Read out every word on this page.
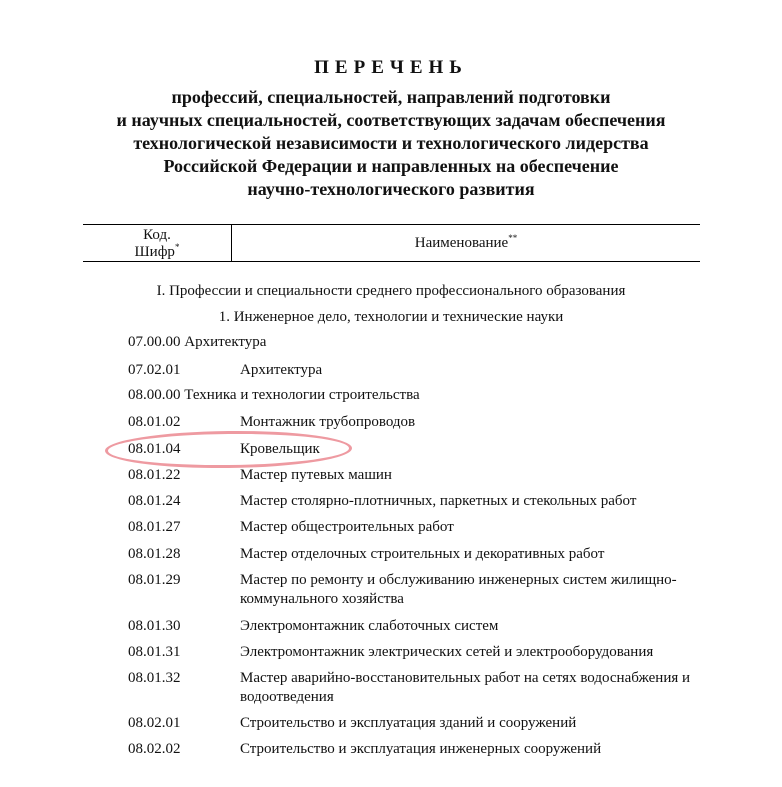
ПЕРЕЧЕНЬ
профессий, специальностей, направлений подготовки
и научных специальностей, соответствующих задачам обеспечения
технологической независимости и технологического лидерства
Российской Федерации и направленных на обеспечение
научно-технологического развития
Код.
Шифр*	Наименование**
I. Профессии и специальности среднего профессионального образования
1. Инженерное дело, технологии и технические науки
07.00.00 Архитектура
07.02.01	Архитектура
08.00.00 Техника и технологии строительства
08.01.02	Монтажник трубопроводов
08.01.04	Кровельщик
08.01.22	Мастер путевых машин
08.01.24	Мастер столярно-плотничных, паркетных и стекольных работ
08.01.27	Мастер общестроительных работ
08.01.28	Мастер отделочных строительных и декоративных работ
08.01.29	Мастер по ремонту и обслуживанию инженерных систем жилищно-коммунального хозяйства
08.01.30	Электромонтажник слаботочных систем
08.01.31	Электромонтажник электрических сетей и электрооборудования
08.01.32	Мастер аварийно-восстановительных работ на сетях водоснабжения и водоотведения
08.02.01	Строительство и эксплуатация зданий и сооружений
08.02.02	Строительство и эксплуатация инженерных сооружений
